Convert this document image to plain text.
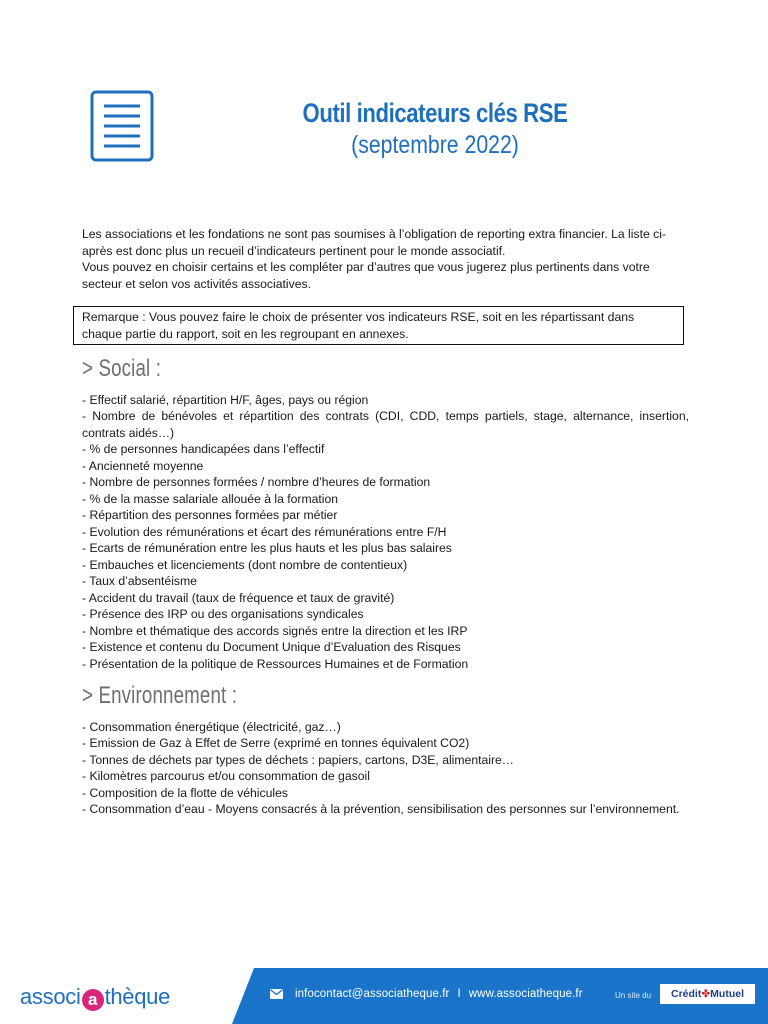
Outil indicateurs clés RSE
(septembre 2022)

Les associations et les fondations ne sont pas soumises à l’obligation de reporting extra financier. La liste ci-après est donc plus un recueil d’indicateurs pertinent pour le monde associatif.

Vous pouvez en choisir certains et les compléter par d’autres que vous jugerez plus pertinents dans votre secteur et selon vos activités associatives.

Remarque : Vous pouvez faire le choix de présenter vos indicateurs RSE, soit en les répartissant dans chaque partie du rapport, soit en les regroupant en annexes.
> Social :
- Effectif salarié, répartition H/F, âges, pays ou région
- Nombre de bénévoles et répartition des contrats (CDI, CDD, temps partiels, stage, alternance, insertion, contrats aidés…)
- % de personnes handicapées dans l’effectif
- Ancienneté moyenne
- Nombre de personnes formées / nombre d’heures de formation
- % de la masse salariale allouée à la formation
- Répartition des personnes formées par métier
- Evolution des rémunérations et écart des rémunérations entre F/H
- Ecarts de rémunération entre les plus hauts et les plus bas salaires
- Embauches et licenciements (dont nombre de contentieux)
- Taux d’absentéisme
- Accident du travail (taux de fréquence et taux de gravité)
- Présence des IRP ou des organisations syndicales
- Nombre et thématique des accords signés entre la direction et les IRP
- Existence et contenu du Document Unique d’Evaluation des Risques
- Présentation de la politique de Ressources Humaines et de Formation
> Environnement :
- Consommation énergétique (électricité, gaz…)
- Emission de Gaz à Effet de Serre (exprimé en tonnes équivalent CO2)
- Tonnes de déchets par types de déchets : papiers, cartons, D3E, alimentaire…
- Kilomètres parcourus et/ou consommation de gasoil
- Composition de la flotte de véhicules
- Consommation d’eau - Moyens consacrés à la prévention, sensibilisation des personnes sur l’environnement.
associ a thèque	infocontact@associatheque.fr I www.associatheque.fr	Un site du	Crédit✤Mutuel
